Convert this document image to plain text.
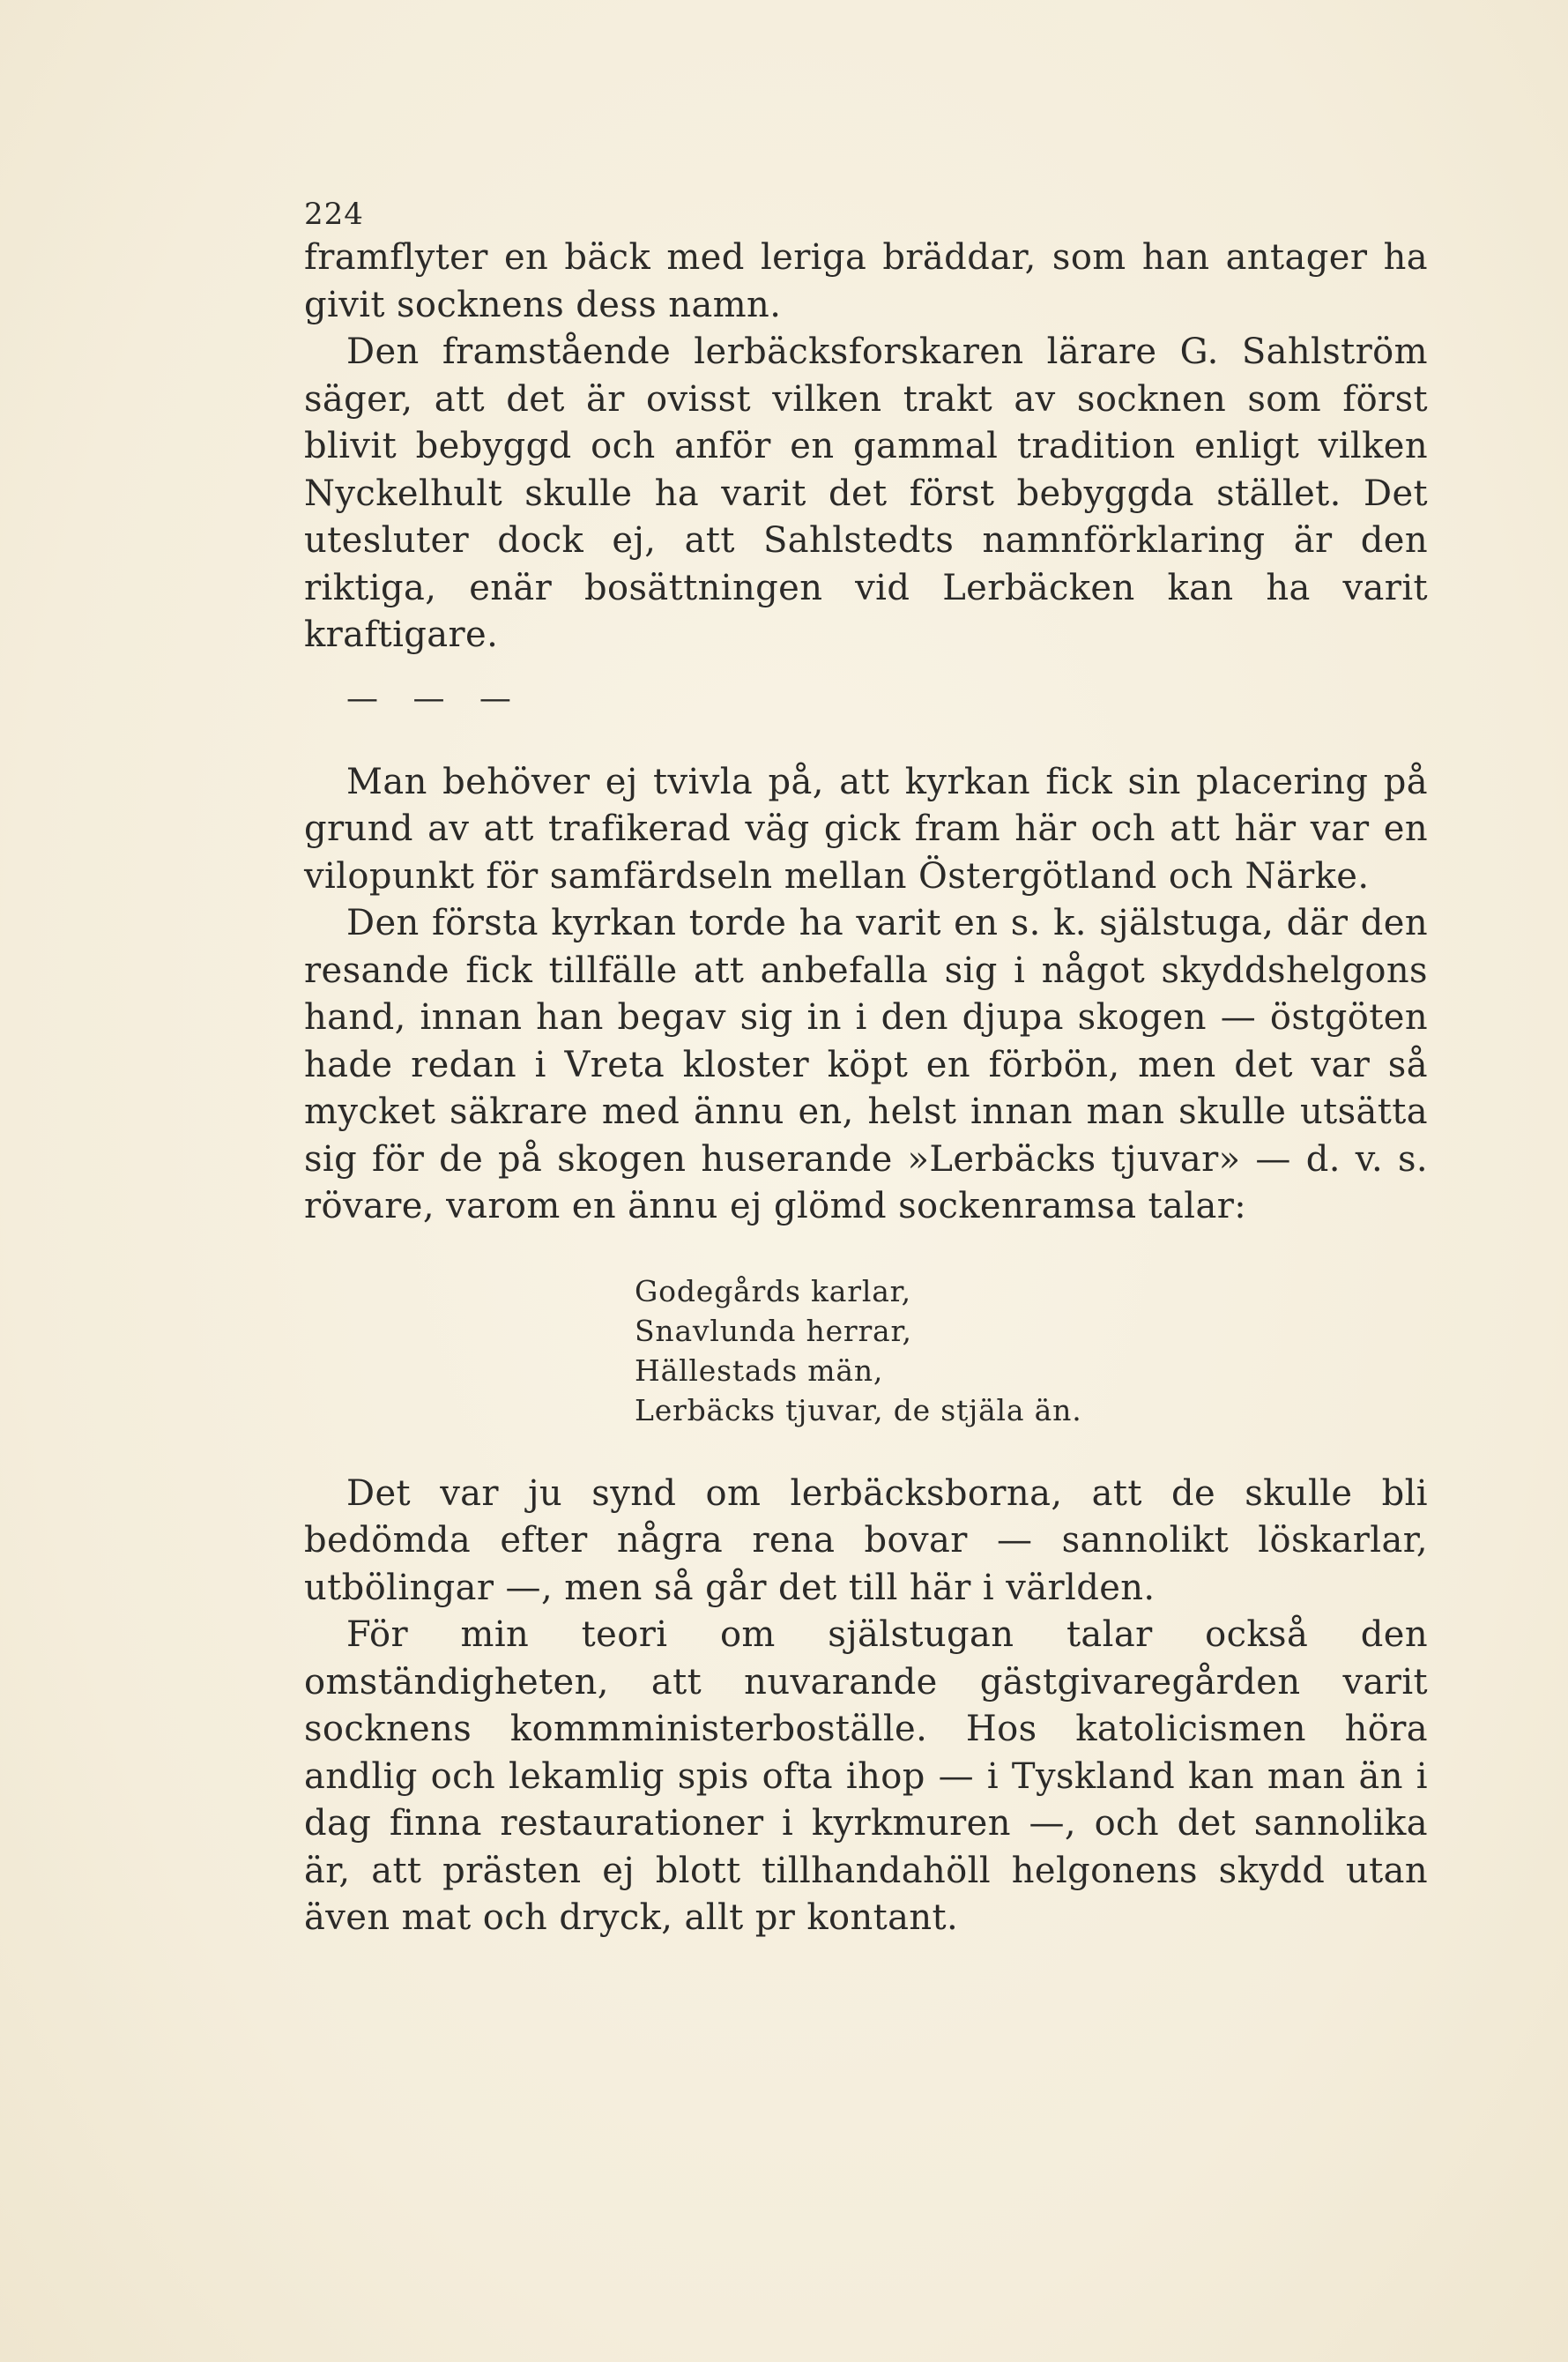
224

framflyter en bäck med leriga bräddar, som han antager ha givit socknens dess namn.

Den framstående lerbäcksforskaren lärare G. Sahlström säger, att det är ovisst vilken trakt av socknen som först blivit bebyggd och anför en gammal tradition enligt vilken Nyckelhult skulle ha varit det först bebyggda stället. Det utesluter dock ej, att Sahlstedts namnförklaring är den riktiga, enär bosättningen vid Lerbäcken kan ha varit kraftigare.

— — —

Man behöver ej tvivla på, att kyrkan fick sin placering på grund av att trafikerad väg gick fram här och att här var en vilopunkt för samfärdseln mellan Östergötland och Närke.

Den första kyrkan torde ha varit en s. k. själstuga, där den resande fick tillfälle att anbefalla sig i något skyddshelgons hand, innan han begav sig in i den djupa skogen — östgöten hade redan i Vreta kloster köpt en förbön, men det var så mycket säkrare med ännu en, helst innan man skulle utsätta sig för de på skogen huserande »Lerbäcks tjuvar» — d. v. s. rövare, varom en ännu ej glömd sockenramsa talar:

Godegårds karlar,
Snavlunda herrar,
Hällestads män,
Lerbäcks tjuvar, de stjäla än.

Det var ju synd om lerbäcksborna, att de skulle bli bedömda efter några rena bovar — sannolikt löskarlar, utbölingar —, men så går det till här i världen.

För min teori om själstugan talar också den omständigheten, att nuvarande gästgivaregården varit socknens kommministerboställe. Hos katolicismen höra andlig och lekamlig spis ofta ihop — i Tyskland kan man än i dag finna restaurationer i kyrkmuren —, och det sannolika är, att prästen ej blott tillhandahöll helgonens skydd utan även mat och dryck, allt pr kontant.
